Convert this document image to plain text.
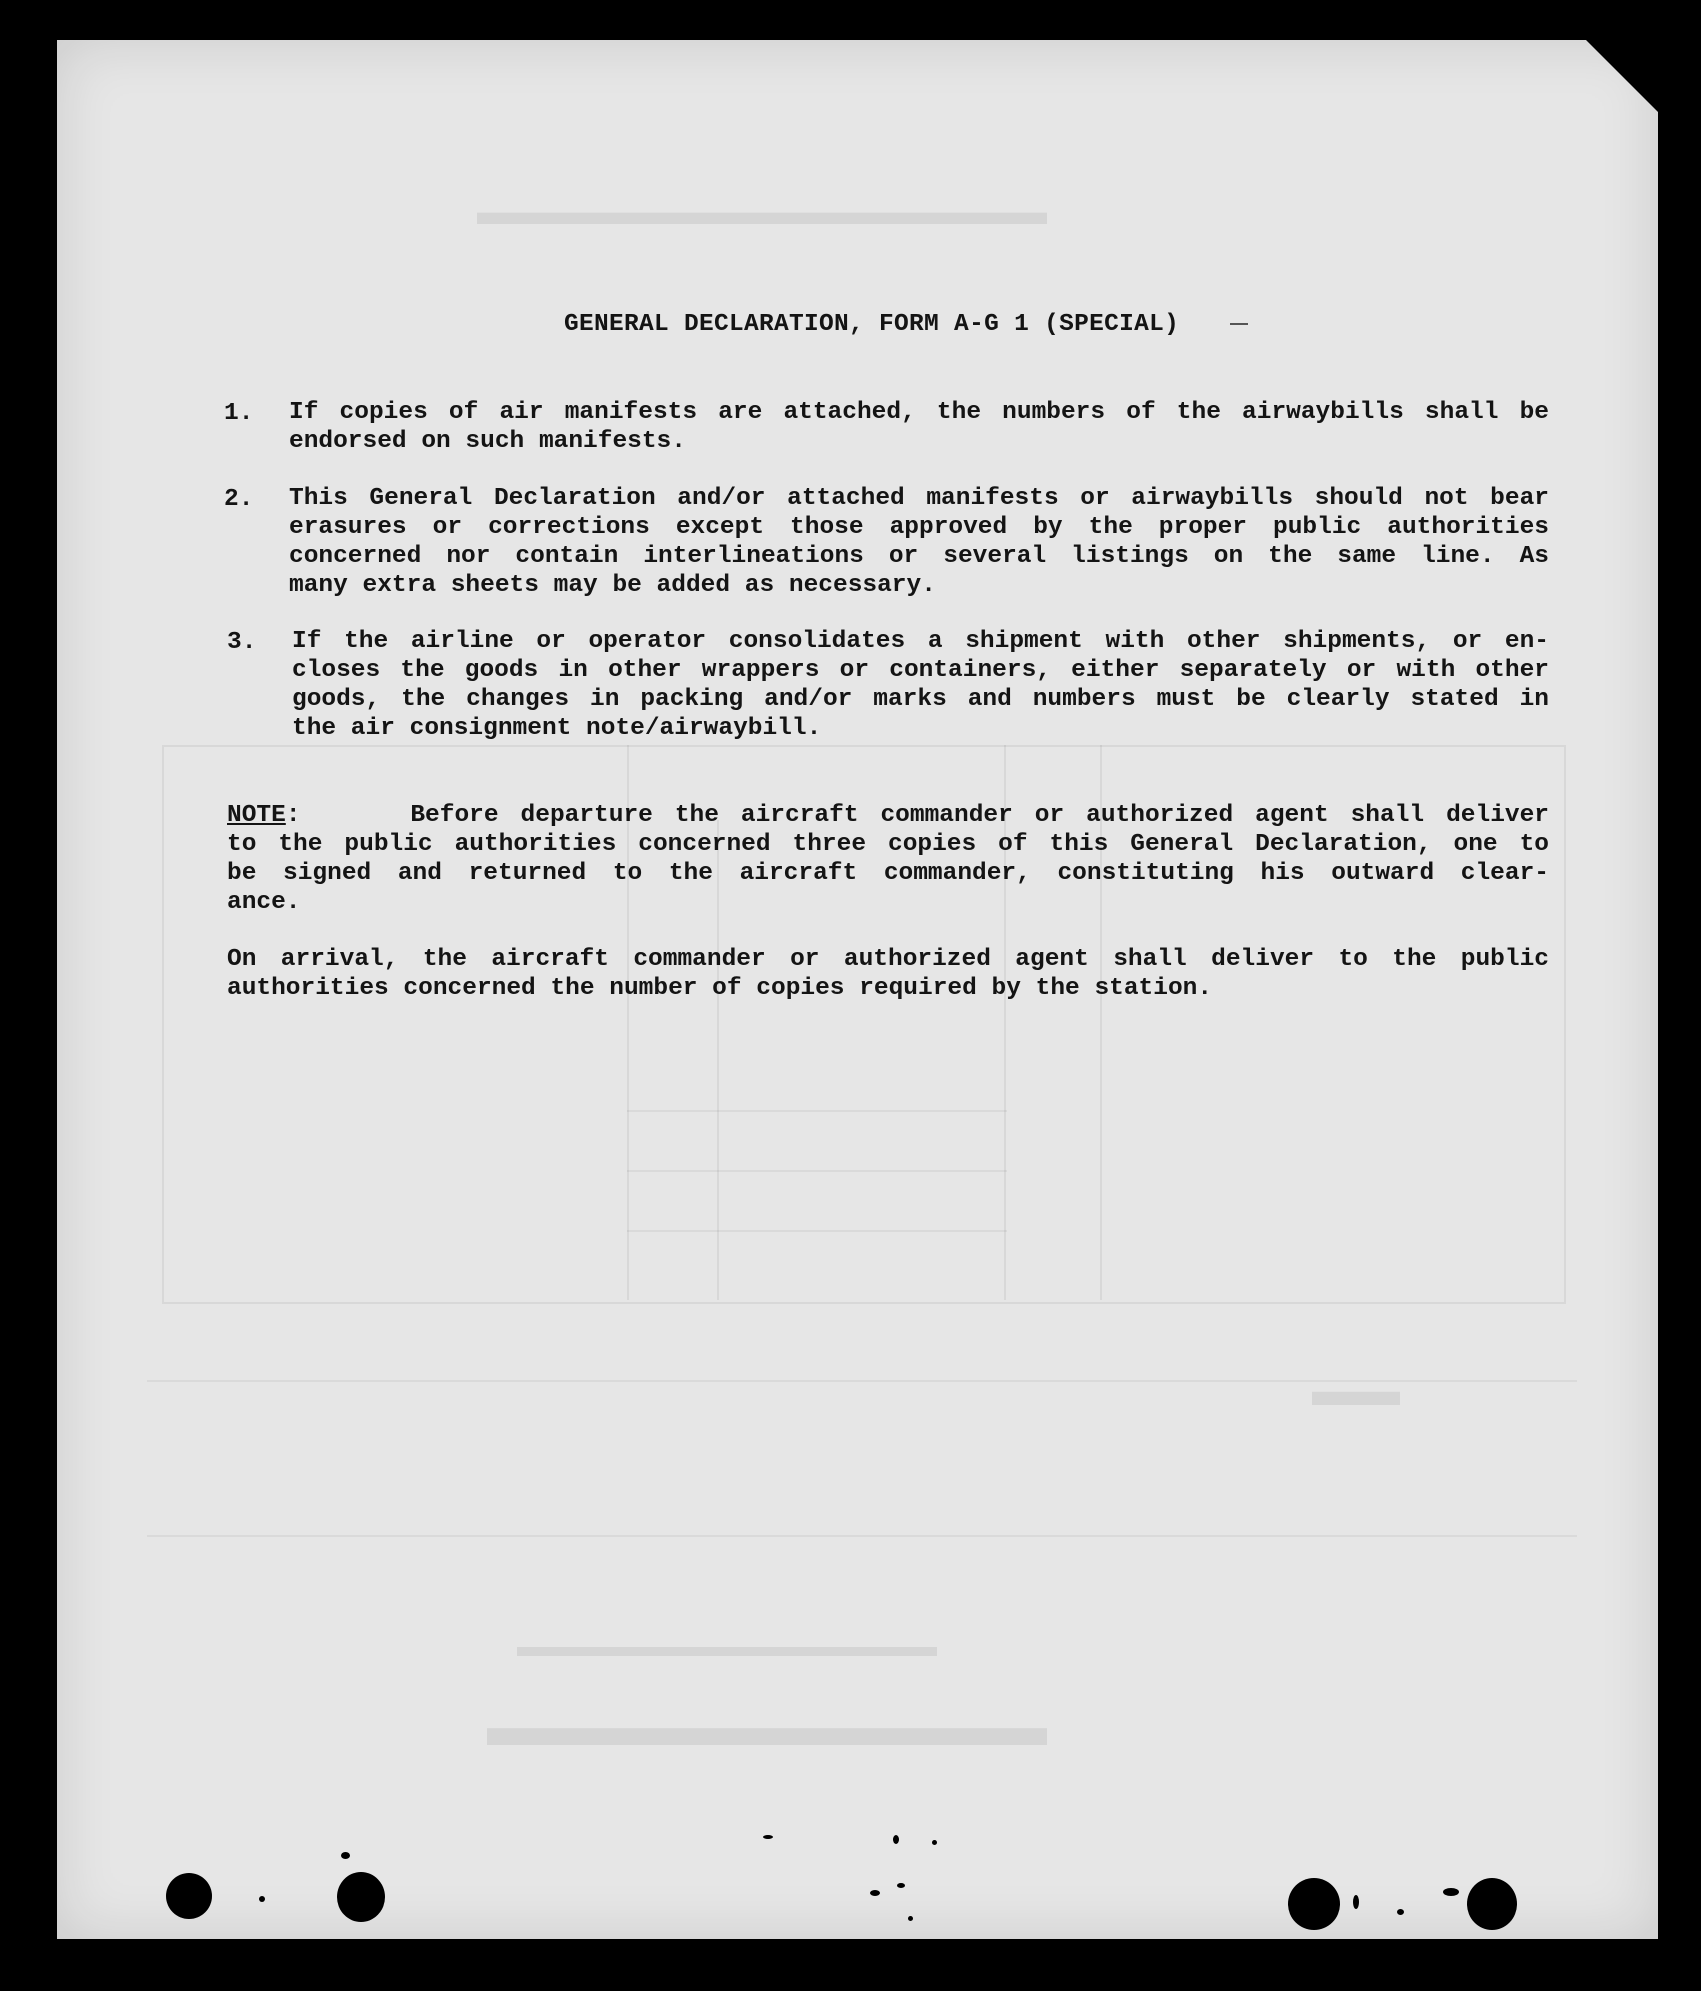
▬▬▬▬▬▬▬▬▬▬▬▬▬▬▬
▬▬▬▬▬▬▬▬▬▬
▬▬▬▬▬▬▬▬▬▬▬▬▬▬
▬▬
GENERAL DECLARATION, FORM A-G 1 (SPECIAL)
1. If copies of air manifests are attached, the numbers of the airwaybills shall be
endorsed on such manifests.
2. This General Declaration and/or attached manifests or airwaybills should not bear
erasures or corrections except those approved by the proper public authorities
concerned nor contain interlineations or several listings on the same line. As
many extra sheets may be added as necessary.
3. If the airline or operator consolidates a shipment with other shipments, or en-
closes the goods in other wrappers or containers, either separately or with other
goods, the changes in packing and/or marks and numbers must be clearly stated in
the air consignment note/airwaybill.
NOTE:	Before departure the aircraft commander or authorized agent shall deliver
to the public authorities concerned three copies of this General Declaration, one to
be signed and returned to the aircraft commander, constituting his outward clear-
ance.
On arrival, the aircraft commander or authorized agent shall deliver to the public
authorities concerned the number of copies required by the station.
